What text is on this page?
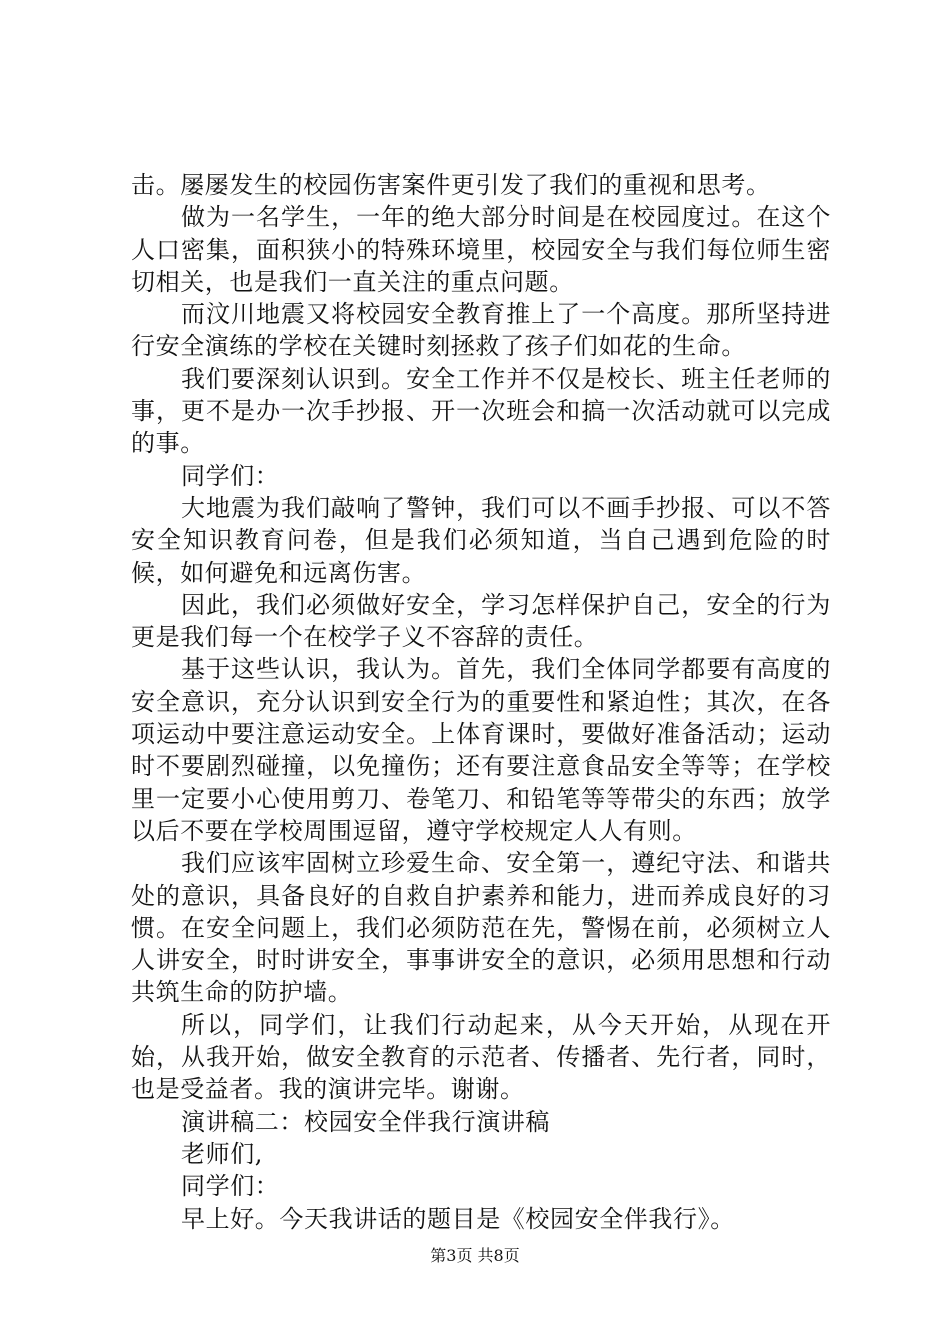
击。屡屡发生的校园伤害案件更引发了我们的重视和思考。

做为一名学生，一年的绝大部分时间是在校园度过。在这个人口密集，面积狭小的特殊环境里，校园安全与我们每位师生密切相关，也是我们一直关注的重点问题。

而汶川地震又将校园安全教育推上了一个高度。那所坚持进行安全演练的学校在关键时刻拯救了孩子们如花的生命。

我们要深刻认识到。安全工作并不仅是校长、班主任老师的事，更不是办一次手抄报、开一次班会和搞一次活动就可以完成的事。

同学们：

大地震为我们敲响了警钟，我们可以不画手抄报、可以不答安全知识教育问卷，但是我们必须知道，当自己遇到危险的时候，如何避免和远离伤害。

因此，我们必须做好安全，学习怎样保护自己，安全的行为更是我们每一个在校学子义不容辞的责任。

基于这些认识，我认为。首先，我们全体同学都要有高度的安全意识，充分认识到安全行为的重要性和紧迫性；其次，在各项运动中要注意运动安全。上体育课时，要做好准备活动；运动时不要剧烈碰撞，以免撞伤；还有要注意食品安全等等；在学校里一定要小心使用剪刀、卷笔刀、和铅笔等等带尖的东西；放学以后不要在学校周围逗留，遵守学校规定人人有则。

我们应该牢固树立珍爱生命、安全第一，遵纪守法、和谐共处的意识，具备良好的自救自护素养和能力，进而养成良好的习惯。在安全问题上，我们必须防范在先，警惕在前，必须树立人人讲安全，时时讲安全，事事讲安全的意识，必须用思想和行动共筑生命的防护墙。

所以，同学们，让我们行动起来，从今天开始，从现在开始，从我开始，做安全教育的示范者、传播者、先行者，同时，也是受益者。我的演讲完毕。谢谢。

演讲稿二：校园安全伴我行演讲稿

老师们,

同学们：

早上好。今天我讲话的题目是《校园安全伴我行》。

第3页 共8页
